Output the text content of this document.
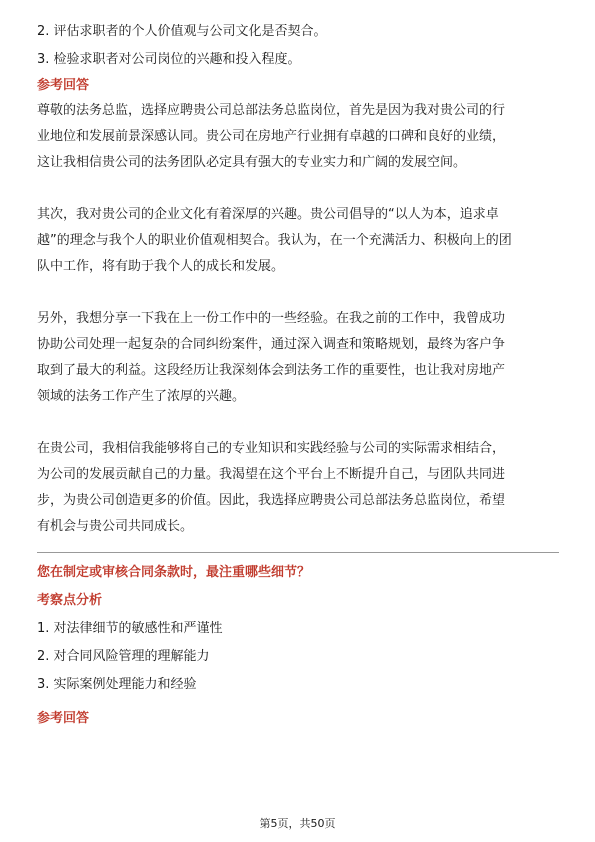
2. 评估求职者的个人价值观与公司文化是否契合。
3. 检验求职者对公司岗位的兴趣和投入程度。
参考回答
尊敬的法务总监，选择应聘贵公司总部法务总监岗位，首先是因为我对贵公司的行
业地位和发展前景深感认同。贵公司在房地产行业拥有卓越的口碑和良好的业绩，
这让我相信贵公司的法务团队必定具有强大的专业实力和广阔的发展空间。
其次，我对贵公司的企业文化有着深厚的兴趣。贵公司倡导的“以人为本，追求卓
越”的理念与我个人的职业价值观相契合。我认为，在一个充满活力、积极向上的团
队中工作，将有助于我个人的成长和发展。
另外，我想分享一下我在上一份工作中的一些经验。在我之前的工作中，我曾成功
协助公司处理一起复杂的合同纠纷案件，通过深入调查和策略规划，最终为客户争
取到了最大的利益。这段经历让我深刻体会到法务工作的重要性，也让我对房地产
领域的法务工作产生了浓厚的兴趣。
在贵公司，我相信我能够将自己的专业知识和实践经验与公司的实际需求相结合，
为公司的发展贡献自己的力量。我渴望在这个平台上不断提升自己，与团队共同进
步，为贵公司创造更多的价值。因此，我选择应聘贵公司总部法务总监岗位，希望
有机会与贵公司共同成长。
您在制定或审核合同条款时，最注重哪些细节？
考察点分析
1. 对法律细节的敏感性和严谨性
2. 对合同风险管理的理解能力
3. 实际案例处理能力和经验
参考回答
第5页，共50页
